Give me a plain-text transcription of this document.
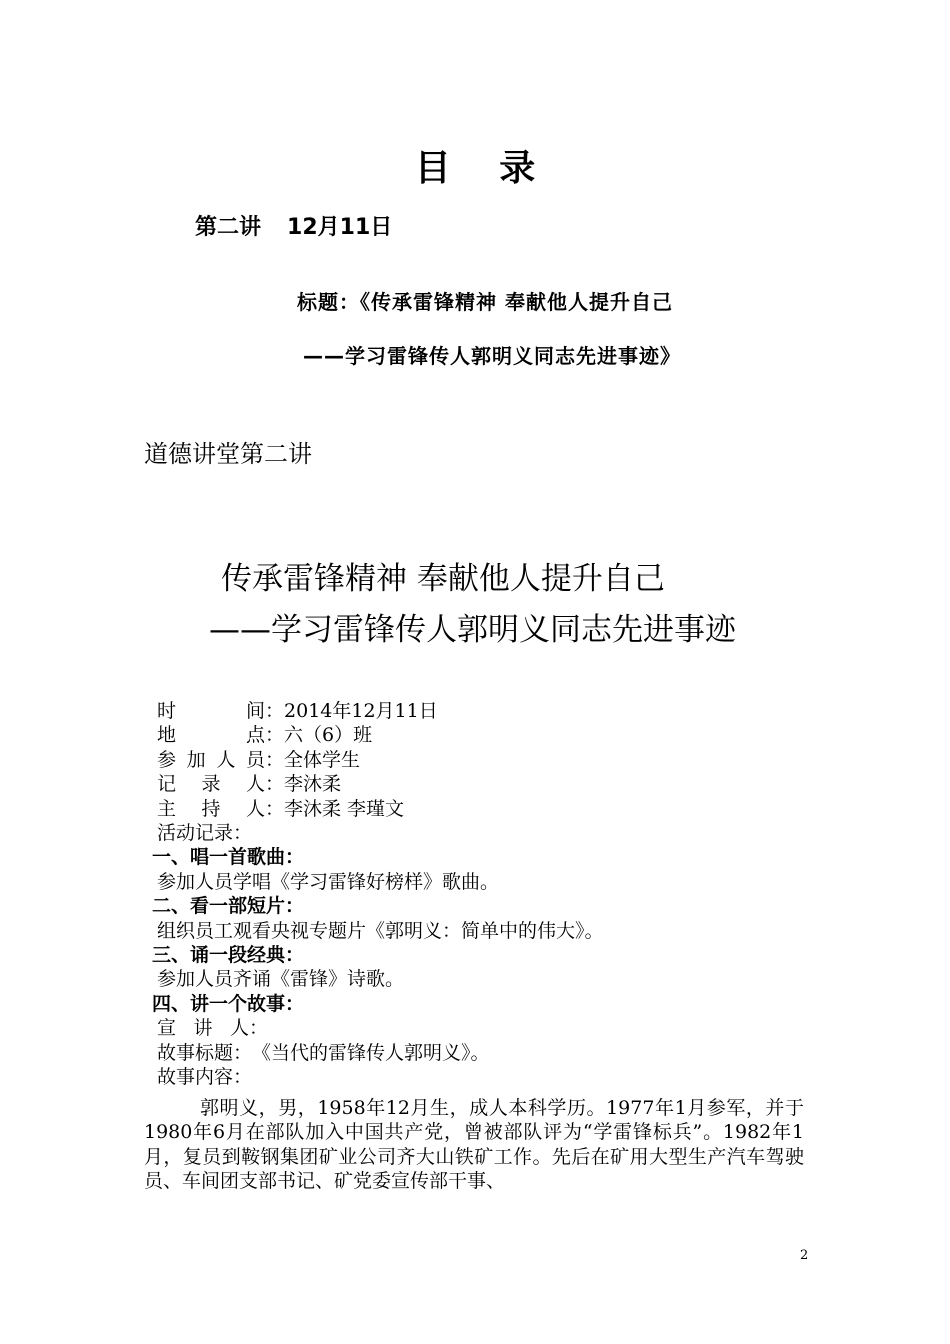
目 录
第二讲 12月11日
标题：《传承雷锋精神 奉献他人提升自己
——学习雷锋传人郭明义同志先进事迹》
道德讲堂第二讲
传承雷锋精神 奉献他人提升自己
——学习雷锋传人郭明义同志先进事迹
时	间 ： 2014年12月11日
地	点 ： 六（6）班
参 加 人 员 ： 全体学生
记 录 人 ： 李沐柔
主 持 人 ： 李沐柔 李瑾文
活动记录：
一、唱一首歌曲：
参加人员学唱《学习雷锋好榜样》歌曲。
二、看一部短片：
组织员工观看央视专题片《郭明义：简单中的伟大》。
三、诵一段经典：
参加人员齐诵《雷锋》诗歌。
四、讲一个故事：
宣 讲 人 ：
故事标题： 《当代的雷锋传人郭明义》。
故事内容：
郭明义，男，1958年12月生，成人本科学历。1977年1月参军，并于1980年6月在部队加入中国共产党，曾被部队评为“学雷锋标兵”。1982年1月，复员到鞍钢集团矿业公司齐大山铁矿工作。先后在矿用大型生产汽车驾驶员、车间团支部书记、矿党委宣传部干事、
2
